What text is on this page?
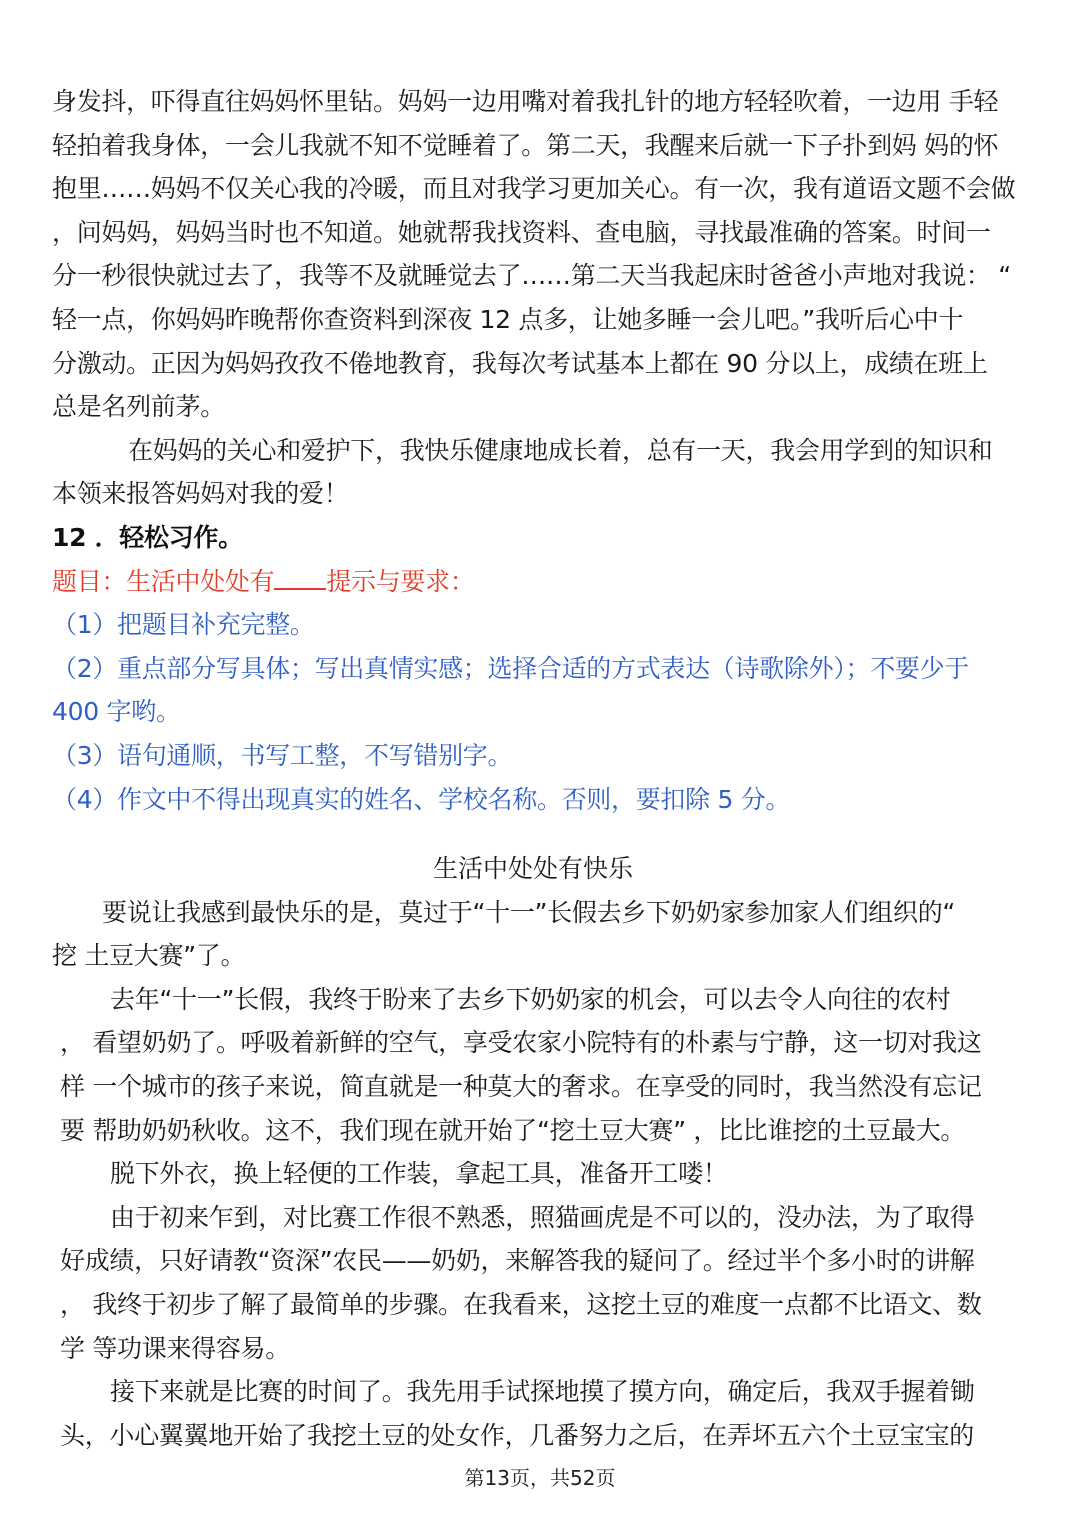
身发抖，吓得直往妈妈怀里钻。妈妈一边用嘴对着我扎针的地方轻轻吹着，一边用 手轻
轻拍着我身体，一会儿我就不知不觉睡着了。第二天，我醒来后就一下子扑到妈 妈的怀
抱里……妈妈不仅关心我的冷暖，而且对我学习更加关心。有一次，我有道语文题不会做
，问妈妈，妈妈当时也不知道。她就帮我找资料、查电脑，寻找最准确的答案。时间一
分一秒很快就过去了，我等不及就睡觉去了……第二天当我起床时爸爸小声地对我说： “
轻一点，你妈妈昨晚帮你查资料到深夜 12 点多，让她多睡一会儿吧。”我听后心中十
分激动。正因为妈妈孜孜不倦地教育，我每次考试基本上都在 90 分以上，成绩在班上
总是名列前茅。
在妈妈的关心和爱护下，我快乐健康地成长着，总有一天，我会用学到的知识和
本领来报答妈妈对我的爱！
12 ．轻松习作。
题目：生活中处处有 提示与要求：
（1）把题目补充完整。
（2）重点部分写具体；写出真情实感；选择合适的方式表达（诗歌除外）；不要少于
400 字哟。
（3）语句通顺，书写工整，不写错别字。
（4）作文中不得出现真实的姓名、学校名称。否则，要扣除 5 分。
生活中处处有快乐
要说让我感到最快乐的是，莫过于“十一”长假去乡下奶奶家参加家人们组织的“
挖 土豆大赛”了。
去年“十一”长假，我终于盼来了去乡下奶奶家的机会，可以去令人向往的农村
， 看望奶奶了。呼吸着新鲜的空气，享受农家小院特有的朴素与宁静，这一切对我这
样 一个城市的孩子来说，简直就是一种莫大的奢求。在享受的同时，我当然没有忘记
要 帮助奶奶秋收。这不，我们现在就开始了“挖土豆大赛” ，比比谁挖的土豆最大。
脱下外衣，换上轻便的工作装，拿起工具，准备开工喽！
由于初来乍到，对比赛工作很不熟悉，照猫画虎是不可以的，没办法，为了取得
好成绩，只好请教“资深”农民——奶奶，来解答我的疑问了。经过半个多小时的讲解
， 我终于初步了解了最简单的步骤。在我看来，这挖土豆的难度一点都不比语文、数
学 等功课来得容易。
接下来就是比赛的时间了。我先用手试探地摸了摸方向，确定后，我双手握着锄
头，小心翼翼地开始了我挖土豆的处女作，几番努力之后，在弄坏五六个土豆宝宝的
第13页，共52页
